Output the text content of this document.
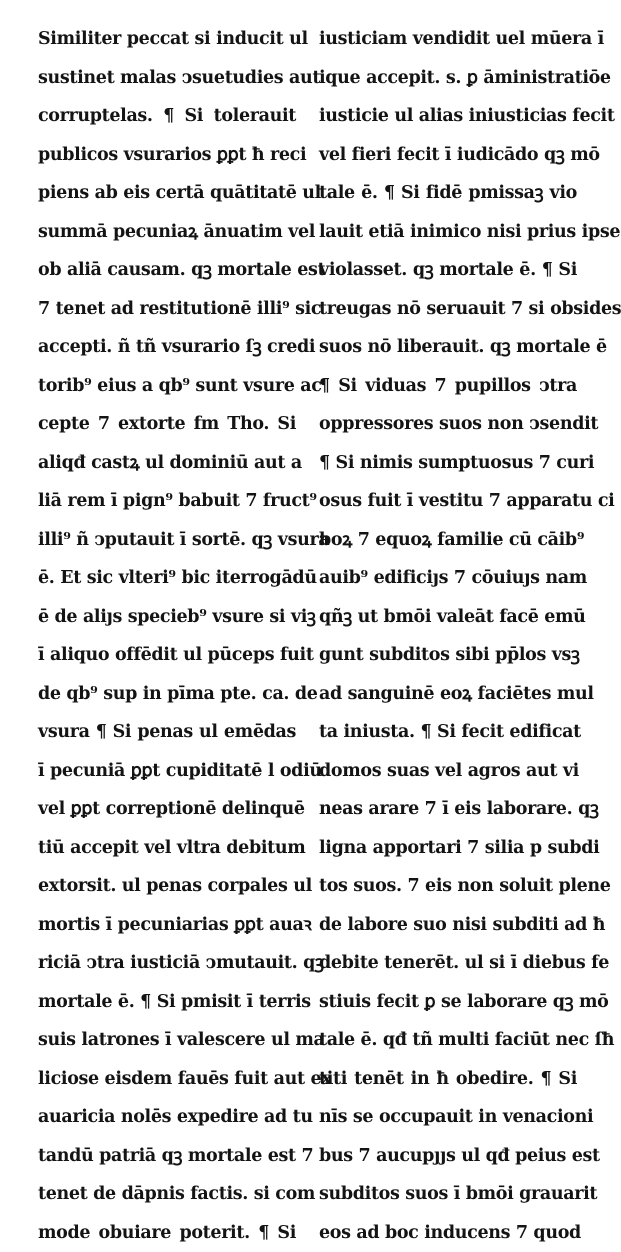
Similiter peccat si inducit ul
sustinet malas ↄsuetudies aut
corruptelas. ¶ Si tolerauit
publicos vsurarios ꝑꝑt ħ reci
piens ab eis certā quātitatē ul
summā pecuniaꝝ ānuatim vel
ob aliā causam. qꝫ mortale est
7 tenet ad restitutionē illi⁹ sic
accepti. ñ tñ vsurario ſꝫ credi
torib⁹ eius a qb⁹ sunt vsure ac
cepte 7 extorte fm Tho. Si
aliqđ castꝝ ul dominiū aut a
liā rem ī pign⁹ babuit 7 fruct⁹
illi⁹ ñ ↄputauit ī sortē. qꝫ vsura
ē. Et sic vlteri⁹ bic iterrogādū
ē de aliȷs specieb⁹ vsure si viꝫ
ī aliquo offēdit ul pūceps fuit
de qb⁹ sup in pīma pte. ca. de
vsura ¶ Si penas ul emēdas
ī pecuniā ꝑꝑt cupiditatē l odiū
vel ꝑꝑt correptionē delinquē
tiū accepit vel vltra debitum
extorsit. ul penas corpales ul
mortis ī pecuniarias ꝑꝑt auaꝛ
riciā ↄtra iusticiā ↄmutauit. qꝫ
mortale ē. ¶ Si pmisit ī terris
suis latrones ī valescere ul ma
liciose eisdem fauēs fuit aut ex
auaricia nolēs expedire ad tu
tandū patriā qꝫ mortale est 7
tenet de dāpnis factis. si com
mode obuiare poterit. ¶ Si
iusticiam vendidit uel mūera ī
ique accepit. s. ꝑ āministratiōe
iusticie ul alias iniusticias fecit
vel fieri fecit ī iudicādo qꝫ mō
tale ē. ¶ Si fidē pmissaꝫ vio
lauit etiā inimico nisi prius ipse
violasset. qꝫ mortale ē. ¶ Si
treugas nō seruauit 7 si obsides
suos nō liberauit. qꝫ mortale ē
¶ Si viduas 7 pupillos ↄtra
oppressores suos non ↄsendit
¶ Si nimis sumptuosus 7 curi
osus fuit ī vestitu 7 apparatu ci
boꝝ 7 equoꝝ familie cū cāib⁹
auib⁹ edificiȷs 7 cōuiuȷs nam
qñꝫ ut bmōi valeāt facē emū
gunt subditos sibi pp̄los vsꝫ
ad sanguinē eoꝝ faciētes mul
ta iniusta. ¶ Si fecit edificat
domos suas vel agros aut vi
neas arare 7 ī eis laborare. qꝫ
ligna apportari 7 silia p subdi
tos suos. 7 eis non soluit plene
de labore suo nisi subditi ad ħ
debite tenerēt. ul si ī diebus fe
stiuis fecit ꝑ se laborare qꝫ mō
tale ē. qđ tñ multi faciūt nec ſħ
titi tenēt in ħ obedire. ¶ Si
nīs se occupauit in venacioni
bus 7 aucupȷȷs ul qđ peius est
subditos suos ī bmōi grauarit
eos ad boc inducens 7 quod
